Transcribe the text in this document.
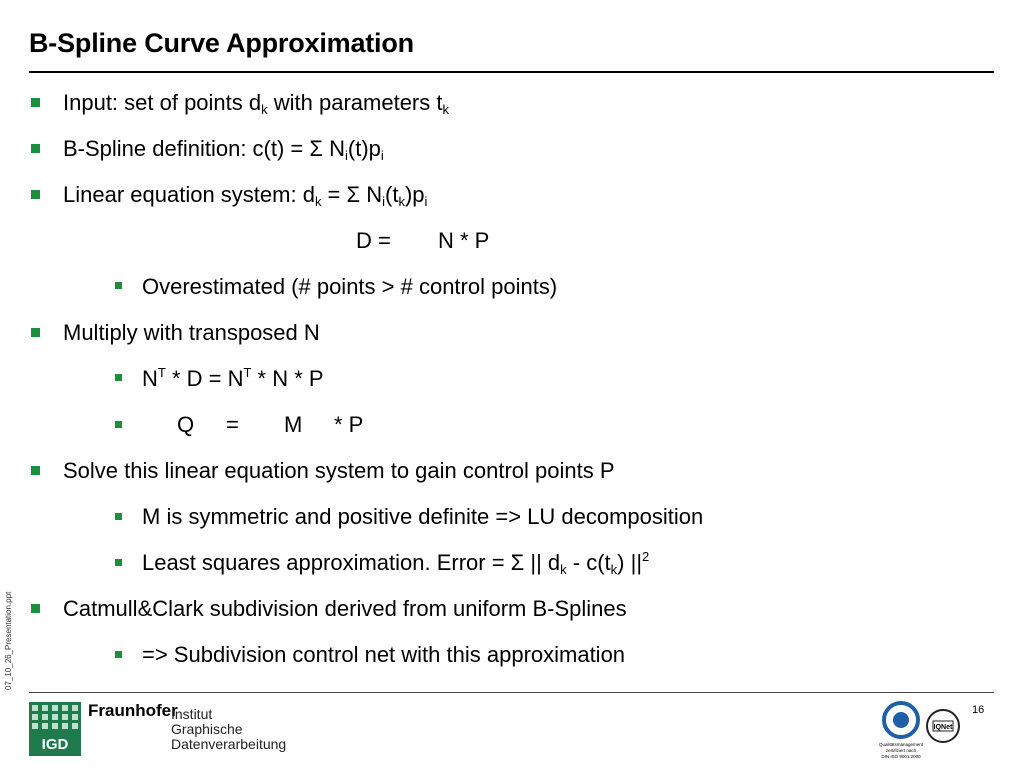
B-Spline Curve Approximation
Input: set of points $d_k$ with parameters $t_k$
B-Spline definition: c(t) = Σ $N_i(t)p_i$
Linear equation system: $d_k = \Sigma$ $N_i(t_k)p_i$
D = N * P
Overestimated (# points > # control points)
Multiply with transposed N
$N^T * D = N^T * N * P$
Q = M * P
Solve this linear equation system to gain control points P
M is symmetric and positive definite => LU decomposition
Least squares approximation. Error = Σ || $d_k - c(t_k)$ $||^2$
Catmull&Clark subdivision derived from uniform B-Splines
=> Subdivision control net with this approximation
07_10_26_Presentation.ppt
IGD
Fraunhofer
Institut
Graphische
Datenverarbeitung
IQNet
Qualitätsmanagement
zertifiziert nach
DIN ISO 9001:2000
16
